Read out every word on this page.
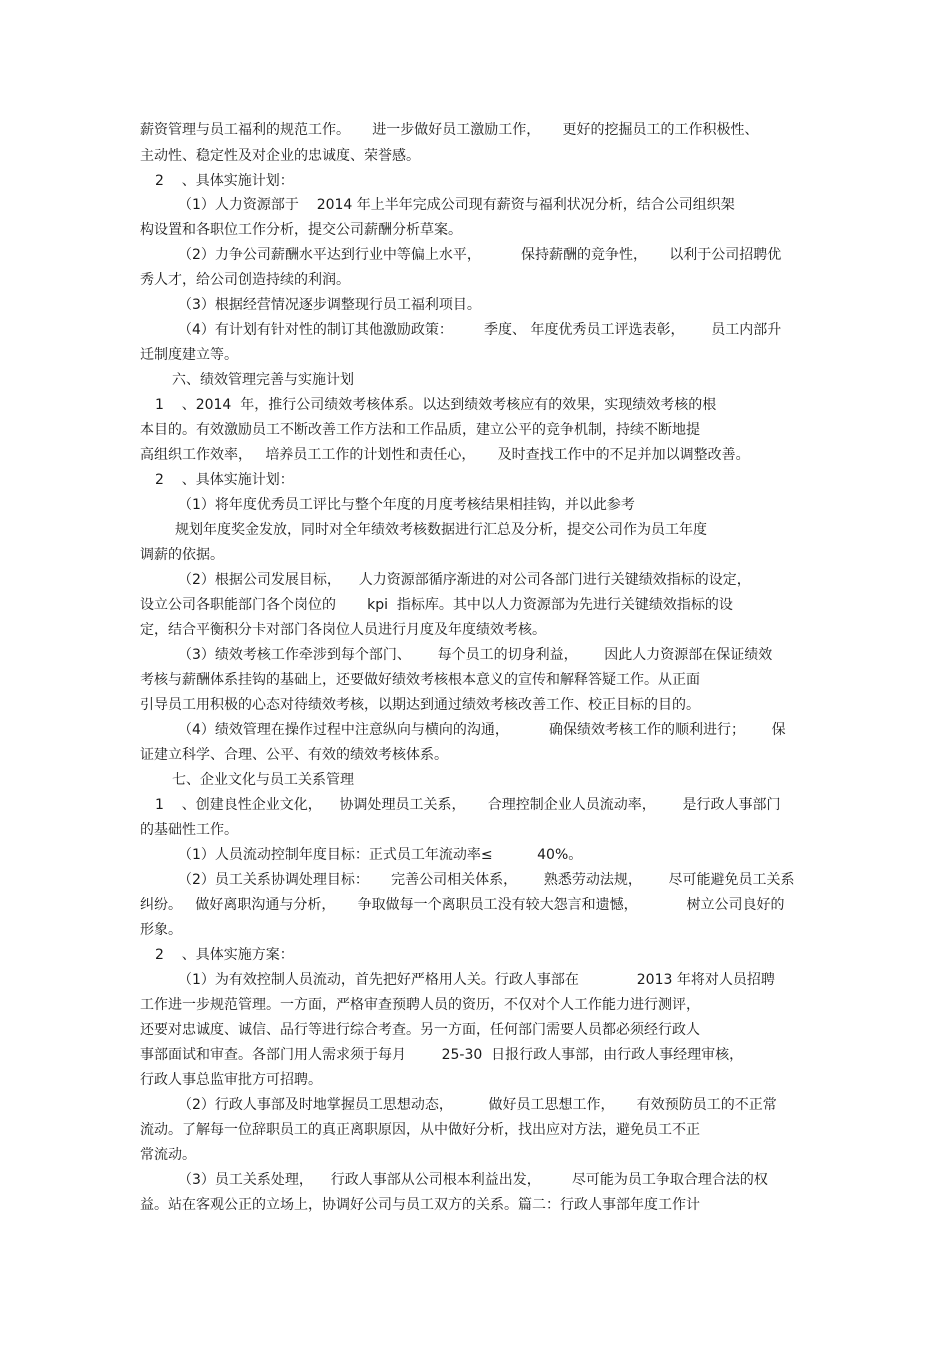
薪资管理与员工福利的规范工作。     进一步做好员工激励工作，     更好的挖掘员工的工作积极性、
主动性、稳定性及对企业的忠诚度、荣誉感。
2    、具体实施计划：
（1）人力资源部于    2014 年上半年完成公司现有薪资与福利状况分析，结合公司组织架
构设置和各职位工作分析，提交公司薪酬分析草案。
（2）力争公司薪酬水平达到行业中等偏上水平，         保持薪酬的竞争性，     以利于公司招聘优
秀人才，给公司创造持续的利润。
（3）根据经营情况逐步调整现行员工福利项目。
（4）有计划有针对性的制订其他激励政策：       季度、 年度优秀员工评选表彰，      员工内部升
迁制度建立等。
六、绩效管理完善与实施计划
1    、2014  年，推行公司绩效考核体系。以达到绩效考核应有的效果，实现绩效考核的根
本目的。有效激励员工不断改善工作方法和工作品质，建立公平的竞争机制，持续不断地提
高组织工作效率，   培养员工工作的计划性和责任心，     及时查找工作中的不足并加以调整改善。
2    、具体实施计划：
（1）将年度优秀员工评比与整个年度的月度考核结果相挂钩，并以此参考
规划年度奖金发放，同时对全年绩效考核数据进行汇总及分析，提交公司作为员工年度
调薪的依据。
（2）根据公司发展目标，    人力资源部循序渐进的对公司各部门进行关键绩效指标的设定，
设立公司各职能部门各个岗位的       kpi  指标库。其中以人力资源部为先进行关键绩效指标的设
定，结合平衡积分卡对部门各岗位人员进行月度及年度绩效考核。
（3）绩效考核工作牵涉到每个部门、      每个员工的切身利益，      因此人力资源部在保证绩效
考核与薪酬体系挂钩的基础上，还要做好绩效考核根本意义的宣传和解释答疑工作。从正面
引导员工用积极的心态对待绩效考核，以期达到通过绩效考核改善工作、校正目标的目的。
（4）绩效管理在操作过程中注意纵向与横向的沟通，         确保绩效考核工作的顺利进行；      保
证建立科学、合理、公平、有效的绩效考核体系。
七、企业文化与员工关系管理
1    、创建良性企业文化，    协调处理员工关系，     合理控制企业人员流动率，      是行政人事部门
的基础性工作。
（1）人员流动控制年度目标：正式员工年流动率≤          40%。
（2）员工关系协调处理目标：     完善公司相关体系，      熟悉劳动法规，      尽可能避免员工关系
纠纷。   做好离职沟通与分析，     争取做每一个离职员工没有较大怨言和遗憾，           树立公司良好的
形象。
2    、具体实施方案：
（1）为有效控制人员流动，首先把好严格用人关。行政人事部在             2013 年将对人员招聘
工作进一步规范管理。一方面，严格审查预聘人员的资历，不仅对个人工作能力进行测评，
还要对忠诚度、诚信、品行等进行综合考查。另一方面，任何部门需要人员都必须经行政人
事部面试和审查。各部门用人需求须于每月        25-30  日报行政人事部，由行政人事经理审核，
行政人事总监审批方可招聘。
（2）行政人事部及时地掌握员工思想动态，        做好员工思想工作，     有效预防员工的不正常
流动。了解每一位辞职员工的真正离职原因，从中做好分析，找出应对方法，避免员工不正
常流动。
（3）员工关系处理，    行政人事部从公司根本利益出发，       尽可能为员工争取合理合法的权
益。站在客观公正的立场上，协调好公司与员工双方的关系。篇二：行政人事部年度工作计
